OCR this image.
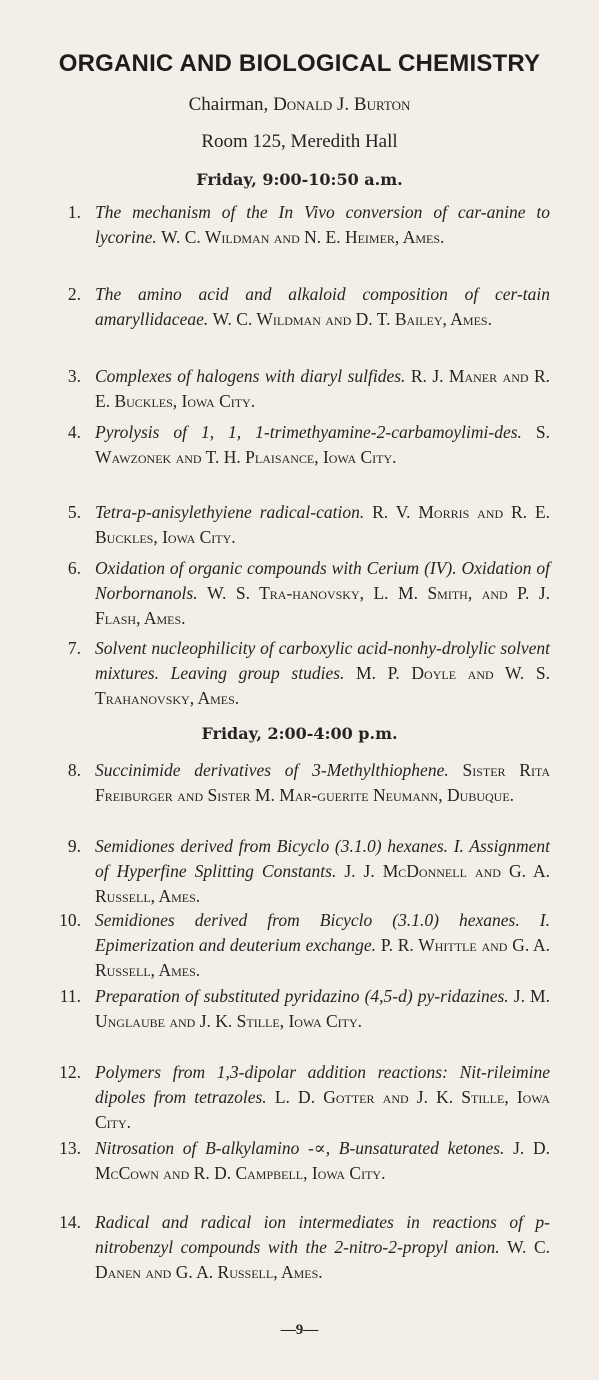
ORGANIC AND BIOLOGICAL CHEMISTRY
Chairman, Donald J. Burton
Room 125, Meredith Hall
Friday, 9:00-10:50 a.m.
1. The mechanism of the In Vivo conversion of car-anine to lycorine. W. C. Wildman and N. E. Heimer, Ames.
2. The amino acid and alkaloid composition of cer-tain amaryllidaceae. W. C. Wildman and D. T. Bailey, Ames.
3. Complexes of halogens with diaryl sulfides. R. J. Maner and R. E. Buckles, Iowa City.
4. Pyrolysis of 1, 1, 1-trimethyamine-2-carbamoylimi-des. S. Wawzonek and T. H. Plaisance, Iowa City.
5. Tetra-p-anisylethyiene radical-cation. R. V. Morris and R. E. Buckles, Iowa City.
6. Oxidation of organic compounds with Cerium (IV). Oxidation of Norbornanols. W. S. Tra-hanovsky, L. M. Smith, and P. J. Flash, Ames.
7. Solvent nucleophilicity of carboxylic acid-nonhy-drolylic solvent mixtures. Leaving group studies. M. P. Doyle and W. S. Trahanovsky, Ames.
Friday, 2:00-4:00 p.m.
8. Succinimide derivatives of 3-Methylthiophene. Sister Rita Freiburger and Sister M. Mar-guerite Neumann, Dubuque.
9. Semidiones derived from Bicyclo (3.1.0) hexanes. I. Assignment of Hyperfine Splitting Constants. J. J. McDonnell and G. A. Russell, Ames.
10. Semidiones derived from Bicyclo (3.1.0) hexanes. I. Epimerization and deuterium exchange. P. R. Whittle and G. A. Russell, Ames.
11. Preparation of substituted pyridazino (4,5-d) py-ridazines. J. M. Unglaube and J. K. Stille, Iowa City.
12. Polymers from 1,3-dipolar addition reactions: Nit-rileimine dipoles from tetrazoles. L. D. Gotter and J. K. Stille, Iowa City.
13. Nitrosation of B-alkylamino -∝, B-unsaturated ketones. J. D. McCown and R. D. Campbell, Iowa City.
14. Radical and radical ion intermediates in reactions of p-nitrobenzyl compounds with the 2-nitro-2-propyl anion. W. C. Danen and G. A. Russell, Ames.
—9—
